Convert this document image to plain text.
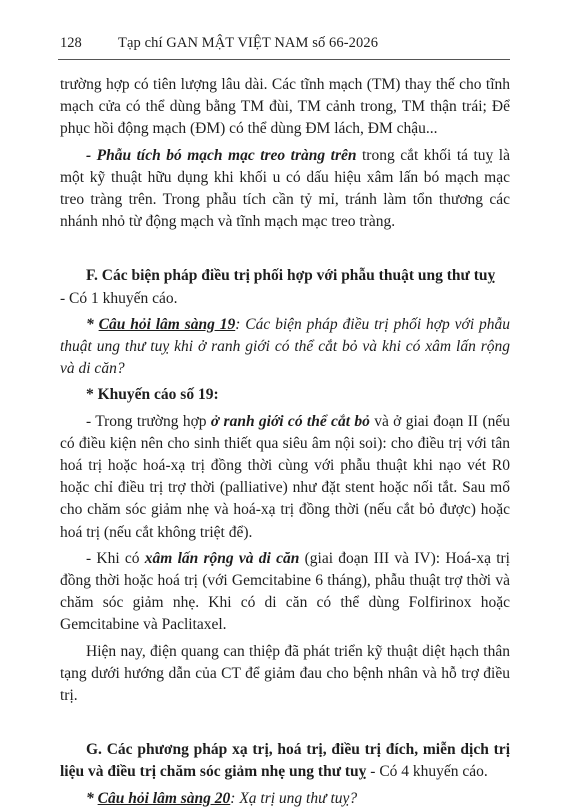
128	Tạp chí GAN MẬT VIỆT NAM số 66-2026

trường hợp có tiên lượng lâu dài. Các tĩnh mạch (TM) thay thế cho tĩnh mạch cửa có thể dùng bằng TM đùi, TM cảnh trong, TM thận trái; Để phục hồi động mạch (ĐM) có thể dùng ĐM lách, ĐM chậu...

- Phẫu tích bó mạch mạc treo tràng trên trong cắt khối tá tuỵ là một kỹ thuật hữu dụng khi khối u có dấu hiệu xâm lấn bó mạch mạc treo tràng trên. Trong phẫu tích cần tỷ mỉ, tránh làm tổn thương các nhánh nhỏ từ động mạch và tĩnh mạch mạc treo tràng.

F. Các biện pháp điều trị phối hợp với phẫu thuật ung thư tuỵ

- Có 1 khuyến cáo.

* Câu hỏi lâm sàng 19: Các biện pháp điều trị phối hợp với phẫu thuật ung thư tuỵ khi ở ranh giới có thể cắt bỏ và khi có xâm lấn rộng và di căn?

* Khuyến cáo số 19:

- Trong trường hợp ở ranh giới có thể cắt bỏ và ở giai đoạn II (nếu có điều kiện nên cho sinh thiết qua siêu âm nội soi): cho điều trị với tân hoá trị hoặc hoá-xạ trị đồng thời cùng với phẫu thuật khi nạo vét R0 hoặc chỉ điều trị trợ thời (palliative) như đặt stent hoặc nối tắt. Sau mổ cho chăm sóc giảm nhẹ và hoá-xạ trị đồng thời (nếu cắt bỏ được) hoặc hoá trị (nếu cắt không triệt để).

- Khi có xâm lấn rộng và di căn (giai đoạn III và IV): Hoá-xạ trị đồng thời hoặc hoá trị (với Gemcitabine 6 tháng), phẫu thuật trợ thời và chăm sóc giảm nhẹ. Khi có di căn có thể dùng Folfirinox hoặc Gemcitabine và Paclitaxel.

Hiện nay, điện quang can thiệp đã phát triển kỹ thuật diệt hạch thân tạng dưới hướng dẫn của CT để giảm đau cho bệnh nhân và hỗ trợ điều trị.

G. Các phương pháp xạ trị, hoá trị, điều trị đích, miễn dịch trị liệu và điều trị chăm sóc giảm nhẹ ung thư tuỵ - Có 4 khuyến cáo.

* Câu hỏi lâm sàng 20: Xạ trị ung thư tuỵ?
